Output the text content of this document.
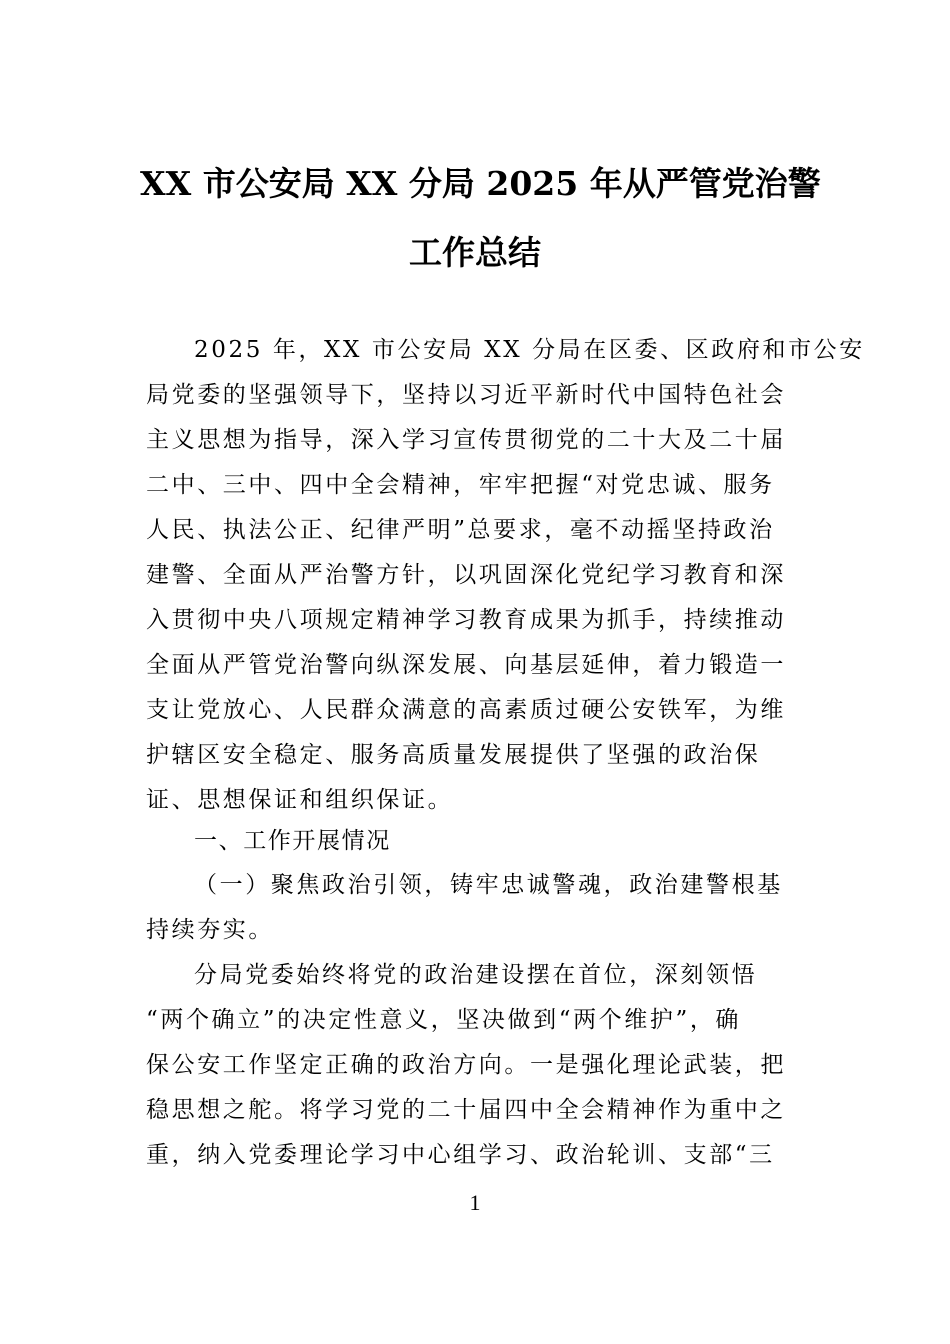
XX 市公安局 XX 分局 2025 年从严管党治警
工作总结
2025 年，XX 市公安局 XX 分局在区委、区政府和市公安
局党委的坚强领导下，坚持以习近平新时代中国特色社会
主义思想为指导，深入学习宣传贯彻党的二十大及二十届
二中、三中、四中全会精神，牢牢把握“对党忠诚、服务
人民、执法公正、纪律严明”总要求，毫不动摇坚持政治
建警、全面从严治警方针，以巩固深化党纪学习教育和深
入贯彻中央八项规定精神学习教育成果为抓手，持续推动
全面从严管党治警向纵深发展、向基层延伸，着力锻造一
支让党放心、人民群众满意的高素质过硬公安铁军，为维
护辖区安全稳定、服务高质量发展提供了坚强的政治保
证、思想保证和组织保证。
一、工作开展情况
（一）聚焦政治引领，铸牢忠诚警魂，政治建警根基
持续夯实。
分局党委始终将党的政治建设摆在首位，深刻领悟
“两个确立”的决定性意义，坚决做到“两个维护”，确
保公安工作坚定正确的政治方向。一是强化理论武装，把
稳思想之舵。将学习党的二十届四中全会精神作为重中之
重，纳入党委理论学习中心组学习、政治轮训、支部“三
1
